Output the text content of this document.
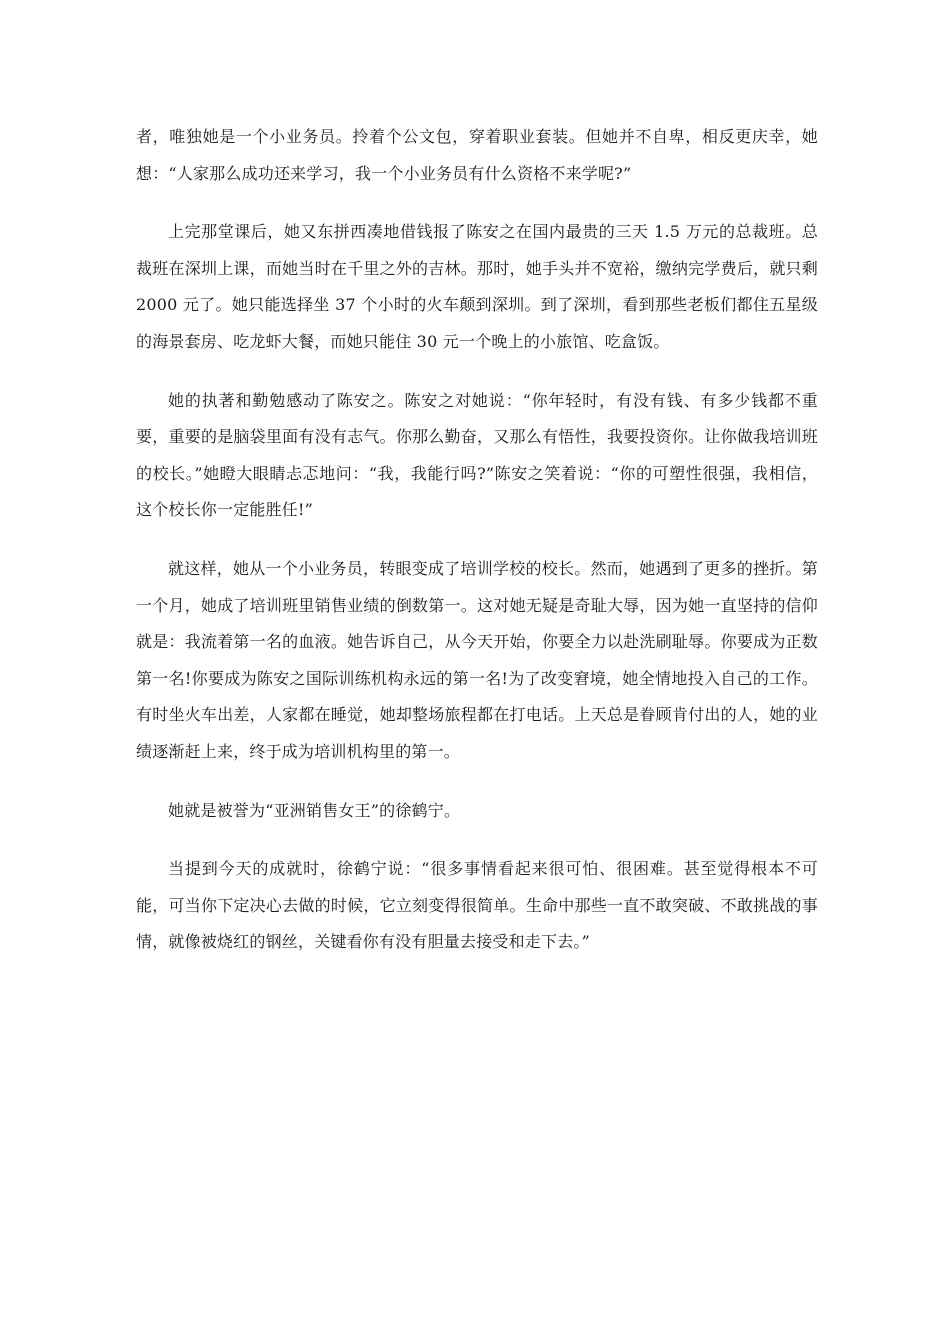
者，唯独她是一个小业务员。拎着个公文包，穿着职业套装。但她并不自卑，相反更庆幸，她想：“人家那么成功还来学习，我一个小业务员有什么资格不来学呢?”

上完那堂课后，她又东拼西凑地借钱报了陈安之在国内最贵的三天 1.5 万元的总裁班。总裁班在深圳上课，而她当时在千里之外的吉林。那时，她手头并不宽裕，缴纳完学费后，就只剩 2000 元了。她只能选择坐 37 个小时的火车颠到深圳。到了深圳，看到那些老板们都住五星级的海景套房、吃龙虾大餐，而她只能住 30 元一个晚上的小旅馆、吃盒饭。

她的执著和勤勉感动了陈安之。陈安之对她说：“你年轻时，有没有钱、有多少钱都不重要，重要的是脑袋里面有没有志气。你那么勤奋，又那么有悟性，我要投资你。让你做我培训班的校长。”她瞪大眼睛忐忑地问：“我，我能行吗?”陈安之笑着说：“你的可塑性很强，我相信，这个校长你一定能胜任!”

就这样，她从一个小业务员，转眼变成了培训学校的校长。然而，她遇到了更多的挫折。第一个月，她成了培训班里销售业绩的倒数第一。这对她无疑是奇耻大辱，因为她一直坚持的信仰就是：我流着第一名的血液。她告诉自己，从今天开始，你要全力以赴洗刷耻辱。你要成为正数第一名!你要成为陈安之国际训练机构永远的第一名!为了改变窘境，她全情地投入自己的工作。有时坐火车出差，人家都在睡觉，她却整场旅程都在打电话。上天总是眷顾肯付出的人，她的业绩逐渐赶上来，终于成为培训机构里的第一。

她就是被誉为“亚洲销售女王”的徐鹤宁。

当提到今天的成就时，徐鹤宁说：“很多事情看起来很可怕、很困难。甚至觉得根本不可能，可当你下定决心去做的时候，它立刻变得很简单。生命中那些一直不敢突破、不敢挑战的事情，就像被烧红的钢丝，关键看你有没有胆量去接受和走下去。”
